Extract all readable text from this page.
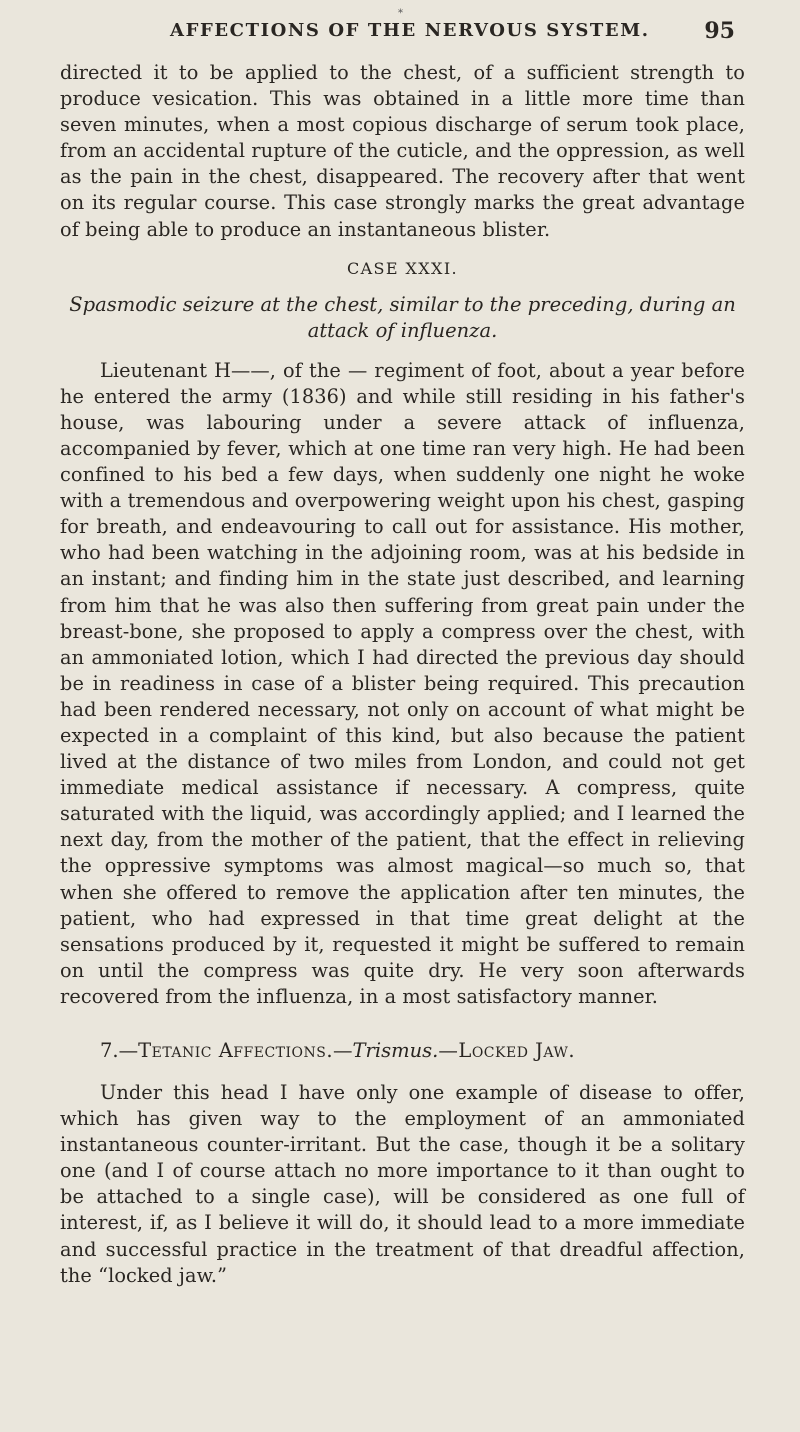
*
AFFECTIONS OF THE NERVOUS SYSTEM. 95

directed it to be applied to the chest, of a sufficient strength to produce vesication. This was obtained in a little more time than seven minutes, when a most copious discharge of serum took place, from an accidental rupture of the cuticle, and the oppression, as well as the pain in the chest, disappeared. The recovery after that went on its regular course. This case strongly marks the great advantage of being able to produce an instantaneous blister.

CASE XXXI.
Spasmodic seizure at the chest, similar to the preceding, during an attack of influenza.

Lieutenant H——, of the — regiment of foot, about a year before he entered the army (1836) and while still residing in his father's house, was labouring under a severe attack of influenza, accompanied by fever, which at one time ran very high. He had been confined to his bed a few days, when suddenly one night he woke with a tremendous and overpowering weight upon his chest, gasping for breath, and endeavouring to call out for assistance. His mother, who had been watching in the adjoining room, was at his bedside in an instant; and finding him in the state just described, and learning from him that he was also then suffering from great pain under the breast-bone, she proposed to apply a compress over the chest, with an ammoniated lotion, which I had directed the previous day should be in readiness in case of a blister being required. This precaution had been rendered necessary, not only on account of what might be expected in a complaint of this kind, but also because the patient lived at the distance of two miles from London, and could not get immediate medical assistance if necessary. A compress, quite saturated with the liquid, was accordingly applied; and I learned the next day, from the mother of the patient, that the effect in relieving the oppressive symptoms was almost magical—so much so, that when she offered to remove the application after ten minutes, the patient, who had expressed in that time great delight at the sensations produced by it, requested it might be suffered to remain on until the compress was quite dry. He very soon afterwards recovered from the influenza, in a most satisfactory manner.

7.—Tetanic Affections.—Trismus.—Locked Jaw.

Under this head I have only one example of disease to offer, which has given way to the employment of an ammoniated instantaneous counter-irritant. But the case, though it be a solitary one (and I of course attach no more importance to it than ought to be attached to a single case), will be considered as one full of interest, if, as I believe it will do, it should lead to a more immediate and successful practice in the treatment of that dreadful affection, the “locked jaw.”
